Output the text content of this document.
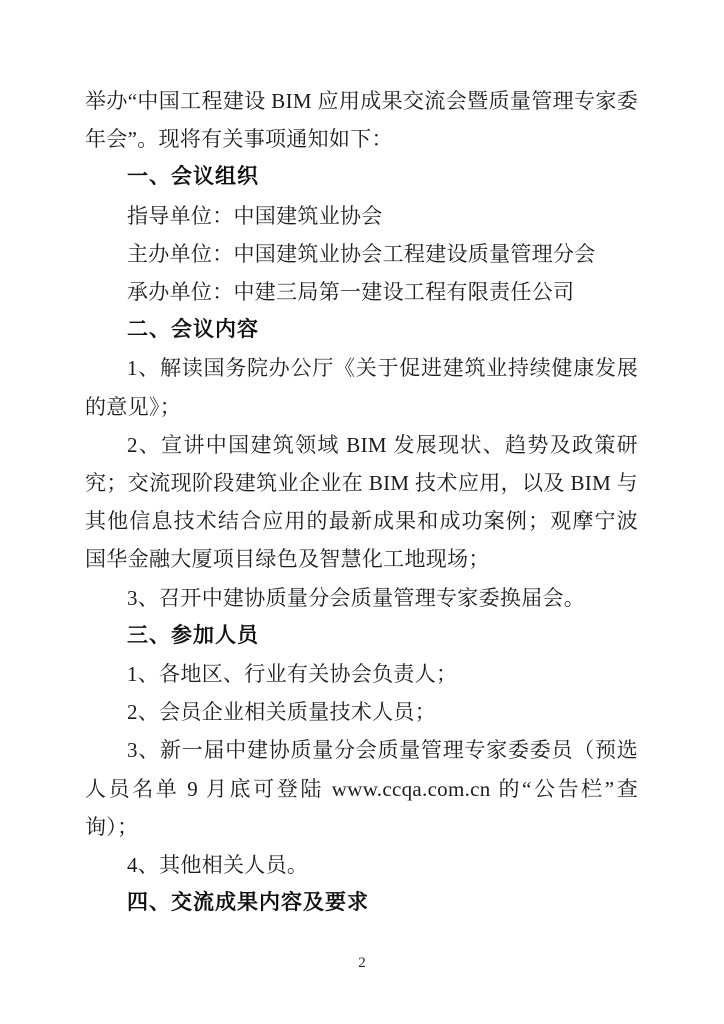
举办“中国工程建设 BIM 应用成果交流会暨质量管理专家委年会”。现将有关事项通知如下：

一、会议组织

指导单位：中国建筑业协会

主办单位：中国建筑业协会工程建设质量管理分会

承办单位：中建三局第一建设工程有限责任公司

二、会议内容

1、解读国务院办公厅《关于促进建筑业持续健康发展的意见》；

2、宣讲中国建筑领域 BIM 发展现状、趋势及政策研究；交流现阶段建筑业企业在 BIM 技术应用，以及 BIM 与其他信息技术结合应用的最新成果和成功案例；观摩宁波国华金融大厦项目绿色及智慧化工地现场；

3、召开中建协质量分会质量管理专家委换届会。

三、参加人员

1、各地区、行业有关协会负责人；

2、会员企业相关质量技术人员；

3、新一届中建协质量分会质量管理专家委委员（预选人员名单 9 月底可登陆 www.ccqa.com.cn 的“公告栏”查询）；

4、其他相关人员。

四、交流成果内容及要求

2
